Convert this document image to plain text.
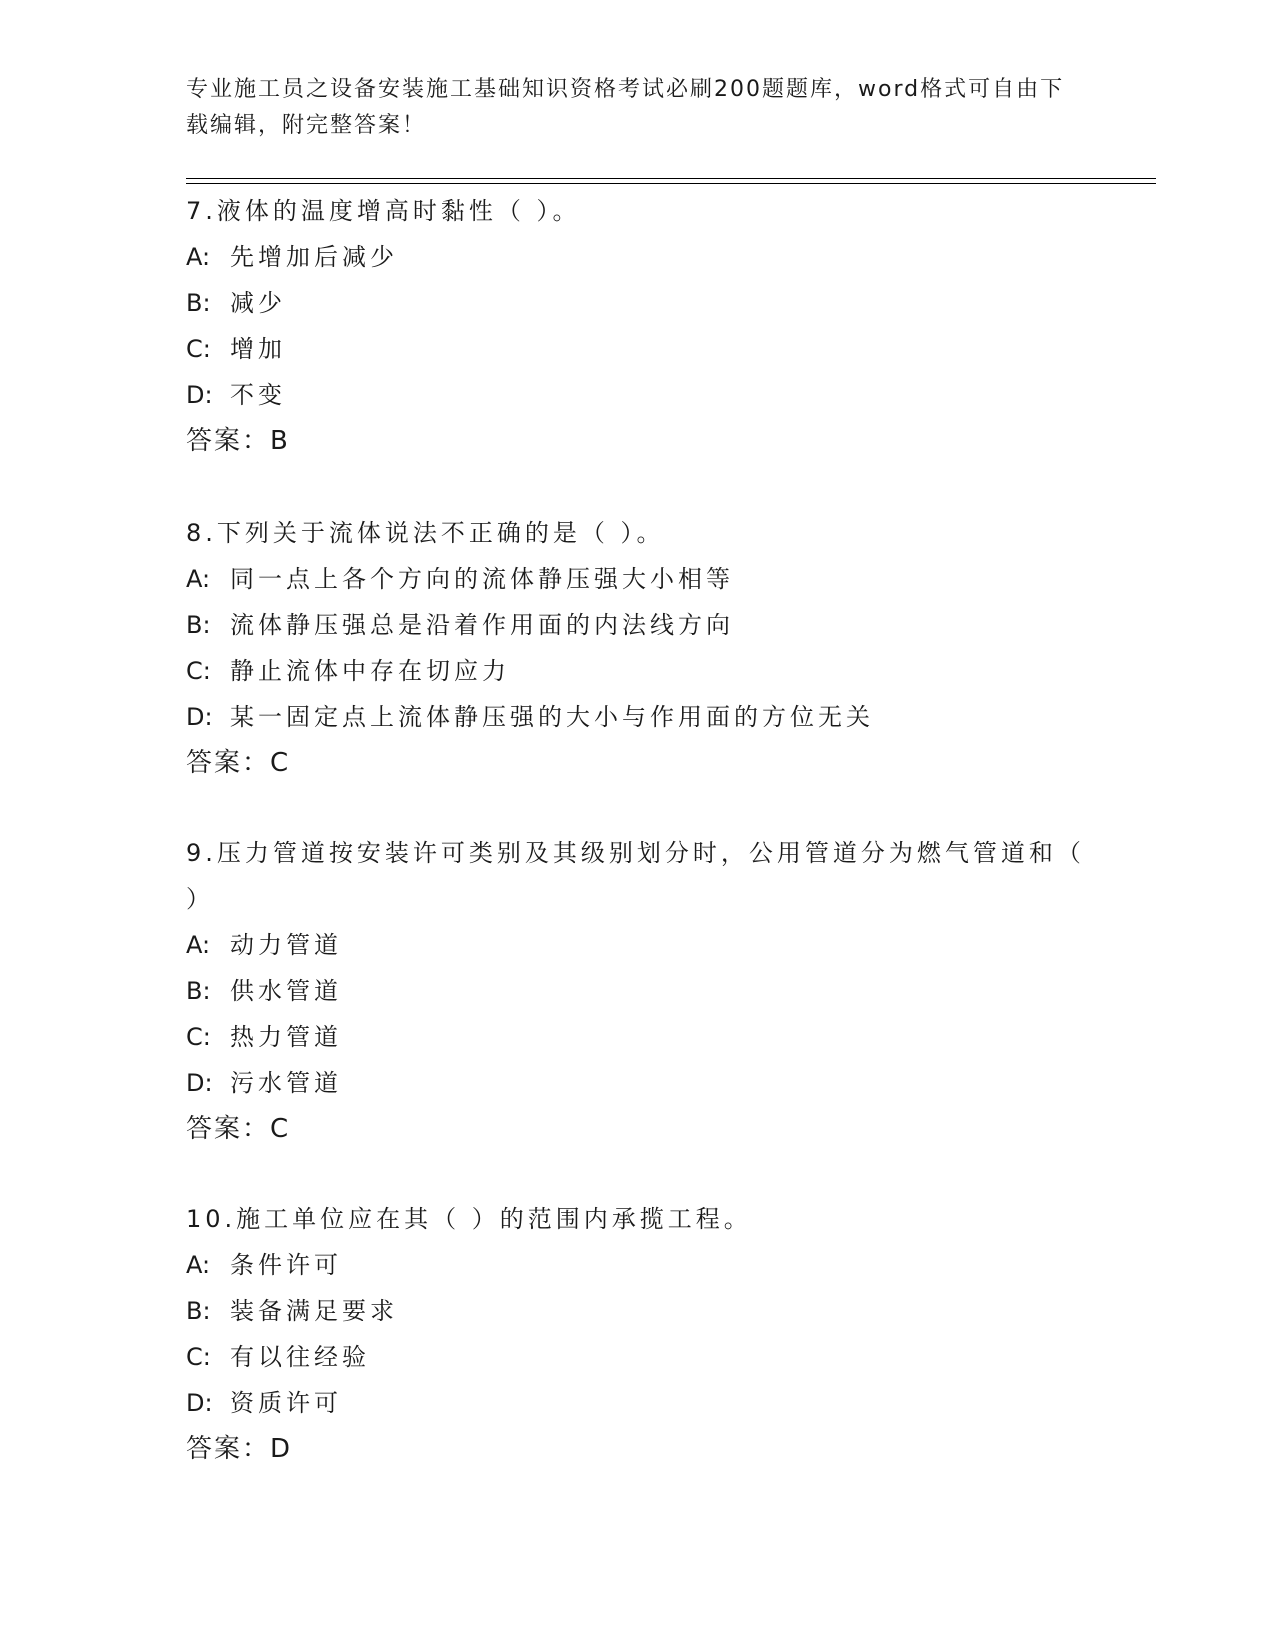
专业施工员之设备安装施工基础知识资格考试必刷200题题库，word格式可自由下载编辑，附完整答案！

7.液体的温度增高时黏性（ ）。

A: 先增加后减少
B: 减少
C: 增加
D: 不变
答案：B

8.下列关于流体说法不正确的是（ ）。

A: 同一点上各个方向的流体静压强大小相等
B: 流体静压强总是沿着作用面的内法线方向
C: 静止流体中存在切应力
D: 某一固定点上流体静压强的大小与作用面的方位无关
答案：C

9.压力管道按安装许可类别及其级别划分时，公用管道分为燃气管道和（ ）

A: 动力管道
B: 供水管道
C: 热力管道
D: 污水管道
答案：C

10.施工单位应在其（ ）的范围内承揽工程。

A: 条件许可
B: 装备满足要求
C: 有以往经验
D: 资质许可
答案：D
